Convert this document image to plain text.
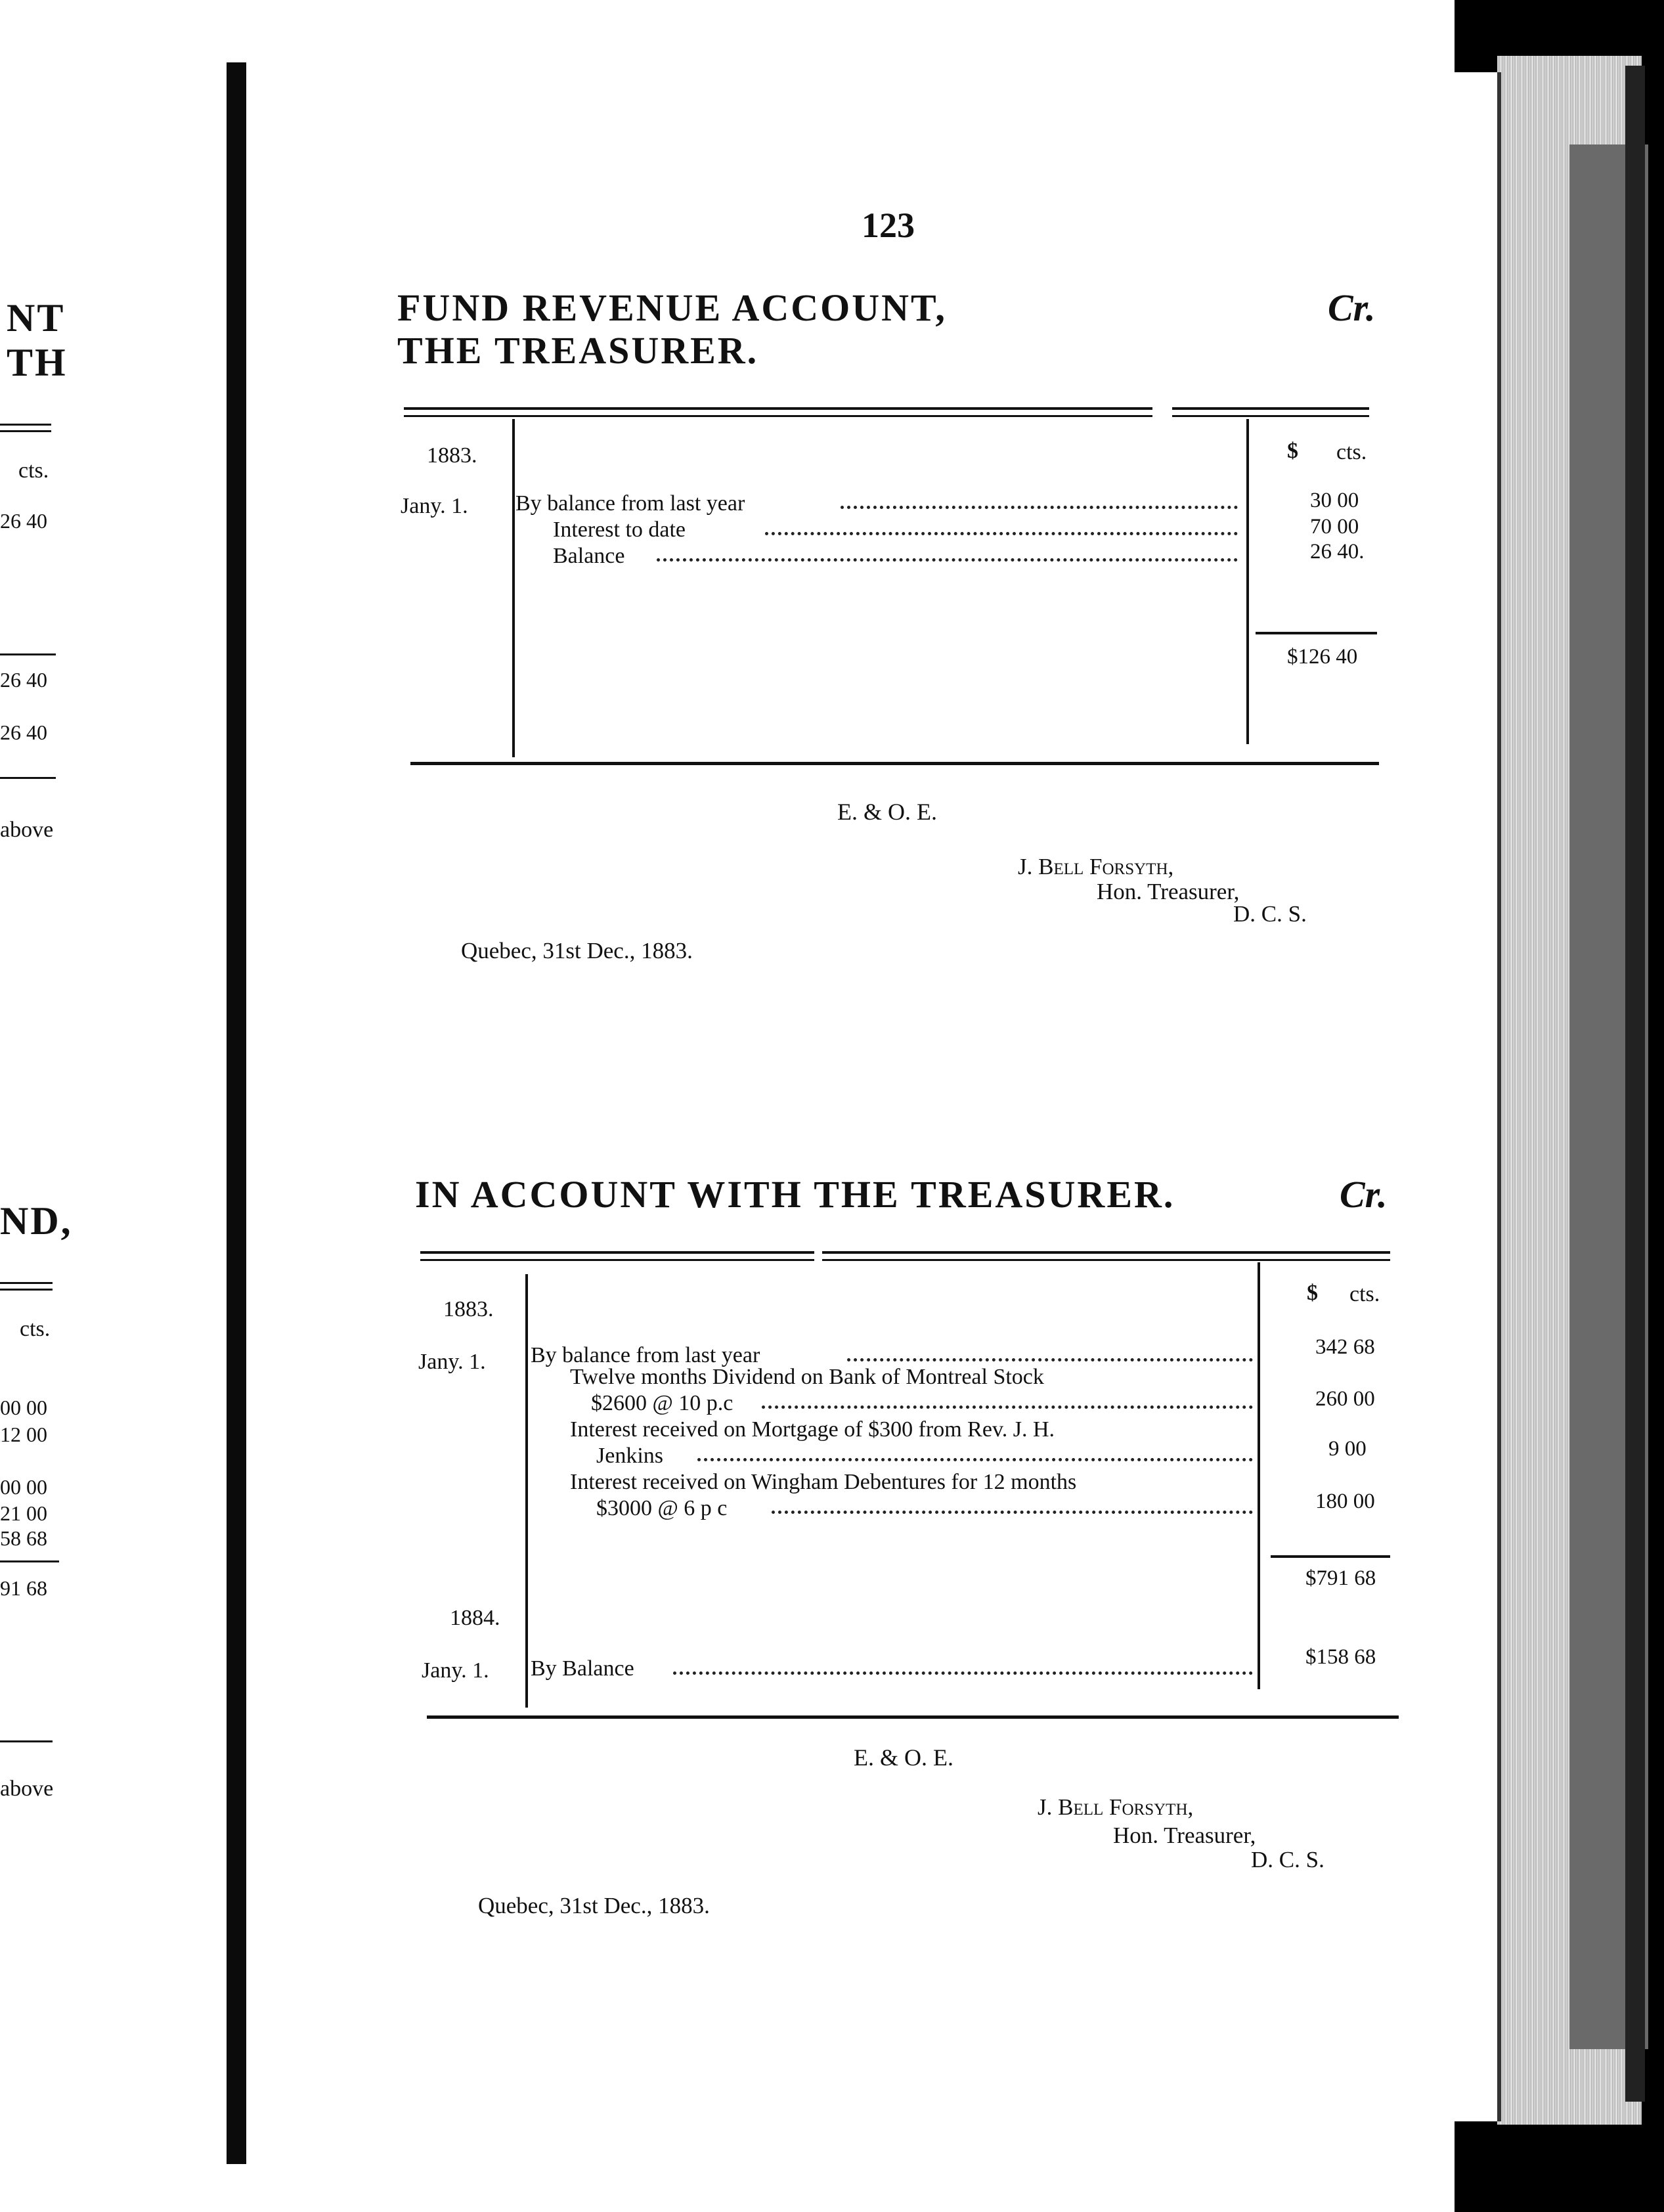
NT
TH
cts.
26 40
26 40
26 40
above
ND,
cts.
00 00
12 00
00 00
21 00
58 68
91 68
above
123
FUND REVENUE ACCOUNT,
THE TREASURER.
Cr.
1883.	$ cts.
Jany. 1. By balance from last year	30 00
Interest to date	70 00
Balance	26 40.
$126 40
E. & O. E.
J. Bell Forsyth,
Hon. Treasurer,
D. C. S.
Quebec, 31st Dec., 1883.
IN ACCOUNT WITH THE TREASURER.	Cr.
1883.
$ cts.
Jany. 1. By balance from last year	342 68
Twelve months Dividend on Bank of Montreal Stock
$2600 @ 10 p.c	260 00
Interest received on Mortgage of $300 from Rev. J. H.
Jenkins	9 00
Interest received on Wingham Debentures for 12 months
$3000 @ 6 p c	180 00
$791 68
1884.
Jany. 1. By Balance	$158 68
E. & O. E.
J. Bell Forsyth,
Hon. Treasurer,
D. C. S.
Quebec, 31st Dec., 1883.
